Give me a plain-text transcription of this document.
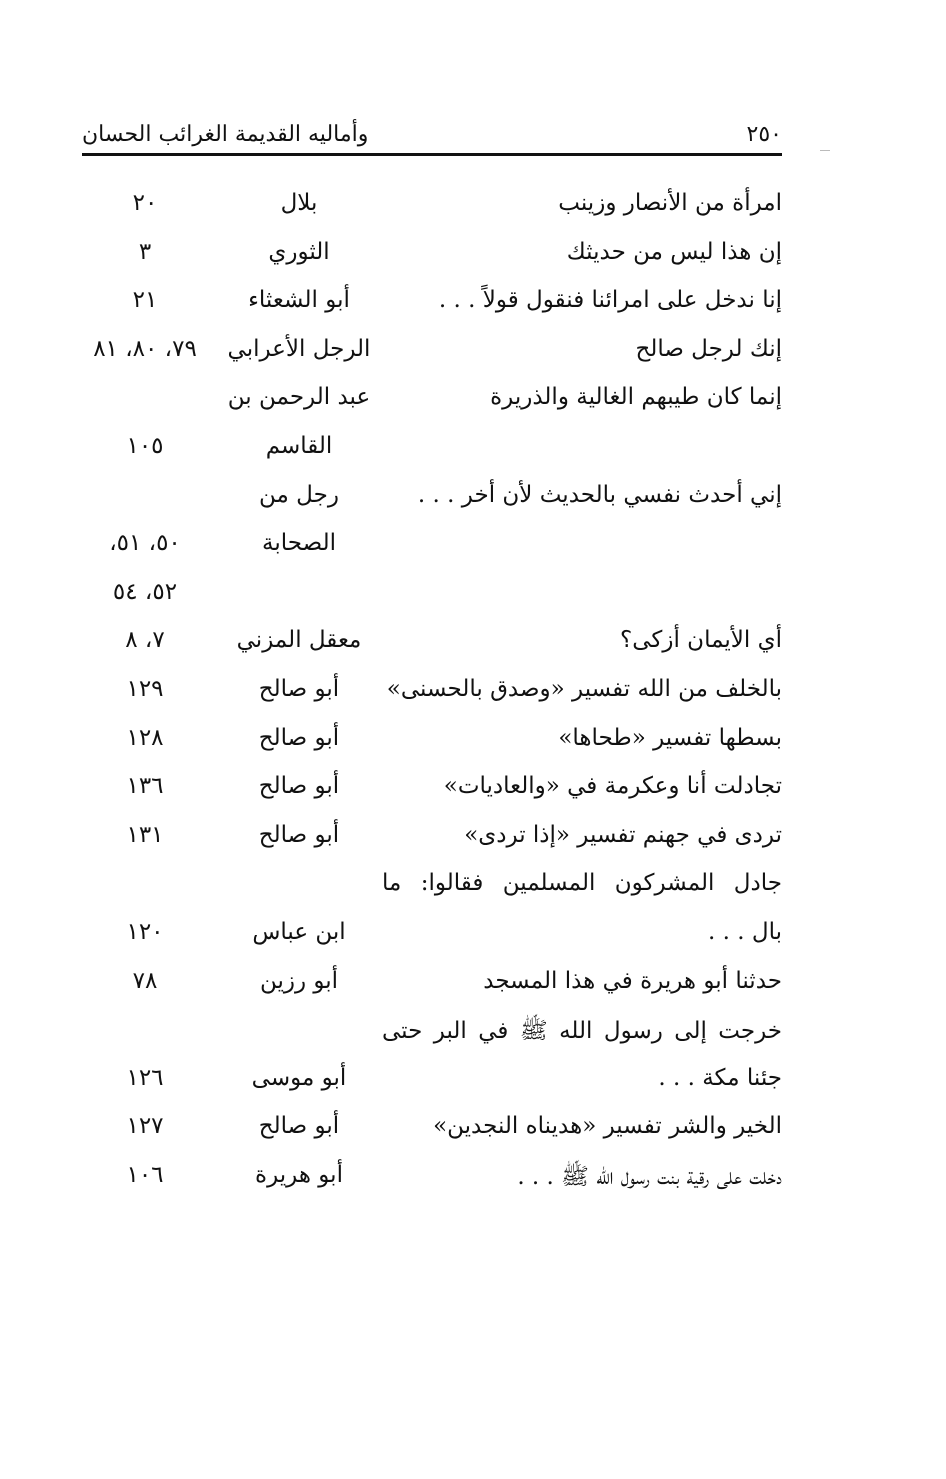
وأماليه القديمة الغرائب الحسان	٢٥٠
امرأة من الأنصار وزينب
بلال
٢٠
إن هذا ليس من حديثك
الثوري
٣
إنا ندخل على امرائنا فنقول قولاً . . .
أبو الشعثاء
٢١
إنك لرجل صالح
الرجل الأعرابي
٧٩، ٨٠، ٨١
إنما كان طيبهم الغالية والذريرة
عبد الرحمن بن
القاسم
١٠٥
إني أحدث نفسي بالحديث لأن أخر . . .
رجل من
الصحابة
٥٠، ٥١،
٥٢، ٥٤
أي الأيمان أزكى؟
معقل المزني
٧، ٨
بالخلف من الله تفسير «وصدق بالحسنى»
أبو صالح
١٢٩
بسطها تفسير «طحاها»
أبو صالح
١٢٨
تجادلت أنا وعكرمة في «والعاديات»
أبو صالح
١٣٦
تردى في جهنم تفسير «إذا تردى»
أبو صالح
١٣١
جادل المشركون المسلمين فقالوا: ما
بال . . .
ابن عباس
١٢٠
حدثنا أبو هريرة في هذا المسجد
أبو رزين
٧٨
خرجت إلى رسول الله ﷺ في البر حتى
جئنا مكة . . .
أبو موسى
١٢٦
الخير والشر تفسير «هديناه النجدين»
أبو صالح
١٢٧
دخلت على رقية بنت رسول الله ﷺ . . .
أبو هريرة
١٠٦
